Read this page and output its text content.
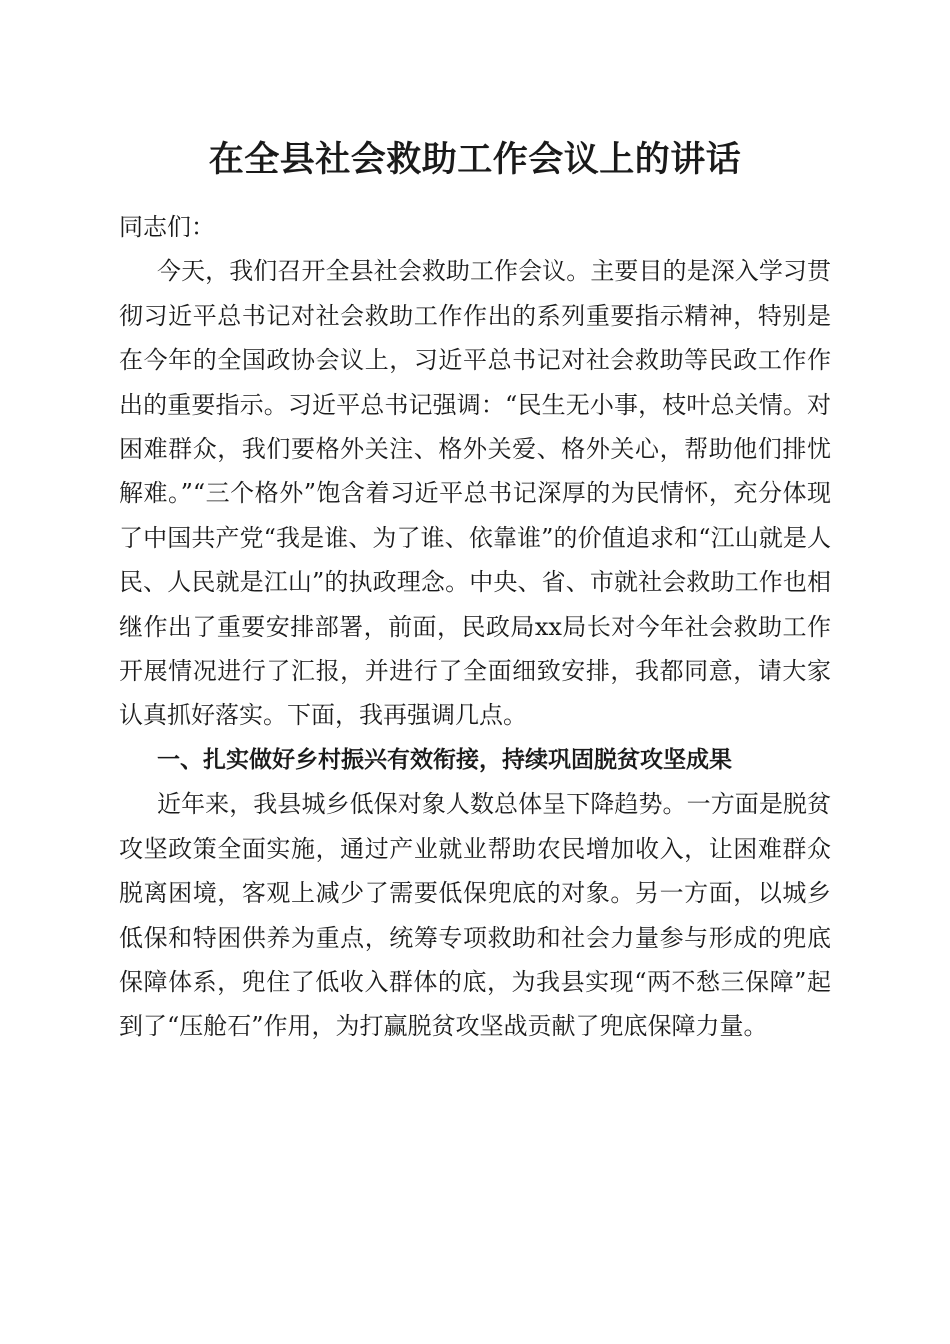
在全县社会救助工作会议上的讲话

同志们：

今天，我们召开全县社会救助工作会议。主要目的是深入学习贯彻习近平总书记对社会救助工作作出的系列重要指示精神，特别是在今年的全国政协会议上，习近平总书记对社会救助等民政工作作出的重要指示。习近平总书记强调：“民生无小事，枝叶总关情。对困难群众，我们要格外关注、格外关爱、格外关心，帮助他们排忧解难。”“三个格外”饱含着习近平总书记深厚的为民情怀，充分体现了中国共产党“我是谁、为了谁、依靠谁”的价值追求和“江山就是人民、人民就是江山”的执政理念。中央、省、市就社会救助工作也相继作出了重要安排部署，前面，民政局xx局长对今年社会救助工作开展情况进行了汇报，并进行了全面细致安排，我都同意，请大家认真抓好落实。下面，我再强调几点。

一、扎实做好乡村振兴有效衔接，持续巩固脱贫攻坚成果

近年来，我县城乡低保对象人数总体呈下降趋势。一方面是脱贫攻坚政策全面实施，通过产业就业帮助农民增加收入，让困难群众脱离困境，客观上减少了需要低保兜底的对象。另一方面，以城乡低保和特困供养为重点，统筹专项救助和社会力量参与形成的兜底保障体系，兜住了低收入群体的底，为我县实现“两不愁三保障”起到了“压舱石”作用，为打赢脱贫攻坚战贡献了兜底保障力量。
